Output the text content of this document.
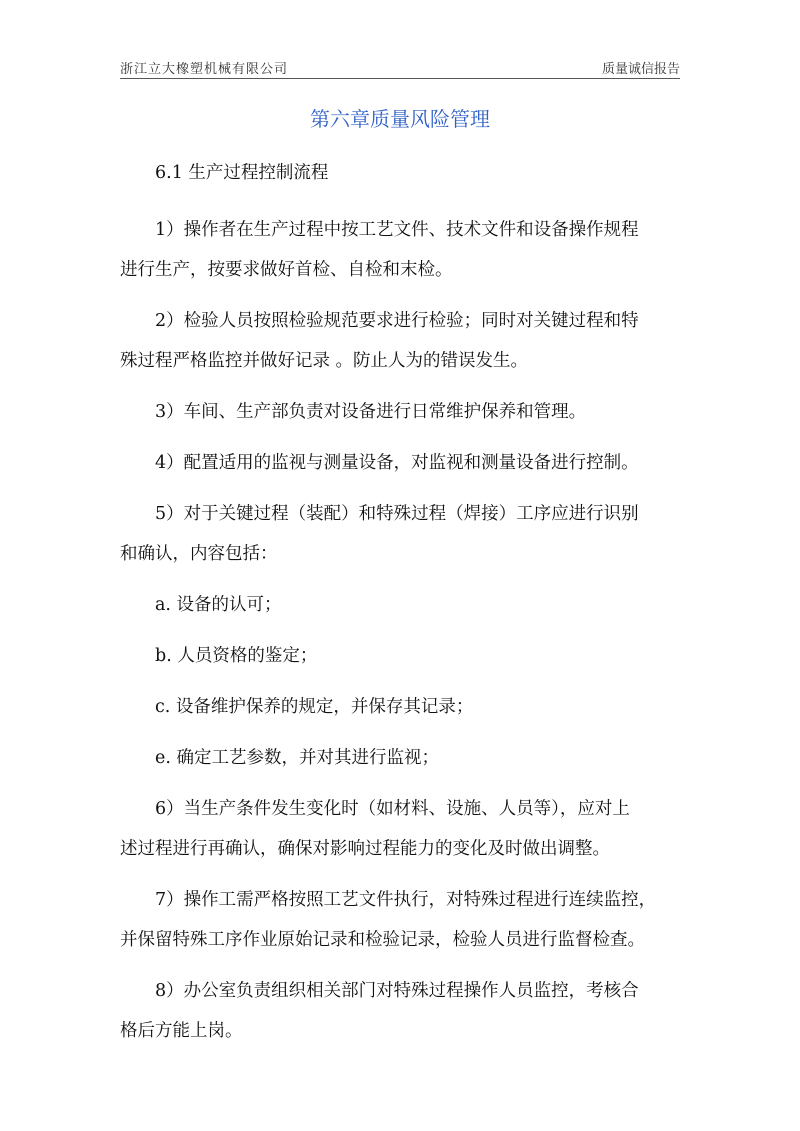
浙江立大橡塑机械有限公司	质量诚信报告
第六章质量风险管理

6.1 生产过程控制流程

1）操作者在生产过程中按工艺文件、技术文件和设备操作规程
进行生产，按要求做好首检、自检和末检。

2）检验人员按照检验规范要求进行检验；同时对关键过程和特
殊过程严格监控并做好记录 。防止人为的错误发生。

3）车间、生产部负责对设备进行日常维护保养和管理。

4）配置适用的监视与测量设备，对监视和测量设备进行控制。

5）对于关键过程（装配）和特殊过程（焊接）工序应进行识别
和确认，内容包括：

a. 设备的认可；

b. 人员资格的鉴定；

c. 设备维护保养的规定，并保存其记录；

e. 确定工艺参数，并对其进行监视；

6）当生产条件发生变化时（如材料、设施、人员等），应对上
述过程进行再确认，确保对影响过程能力的变化及时做出调整。

7）操作工需严格按照工艺文件执行，对特殊过程进行连续监控，
并保留特殊工序作业原始记录和检验记录，检验人员进行监督检查。

8）办公室负责组织相关部门对特殊过程操作人员监控，考核合
格后方能上岗。
